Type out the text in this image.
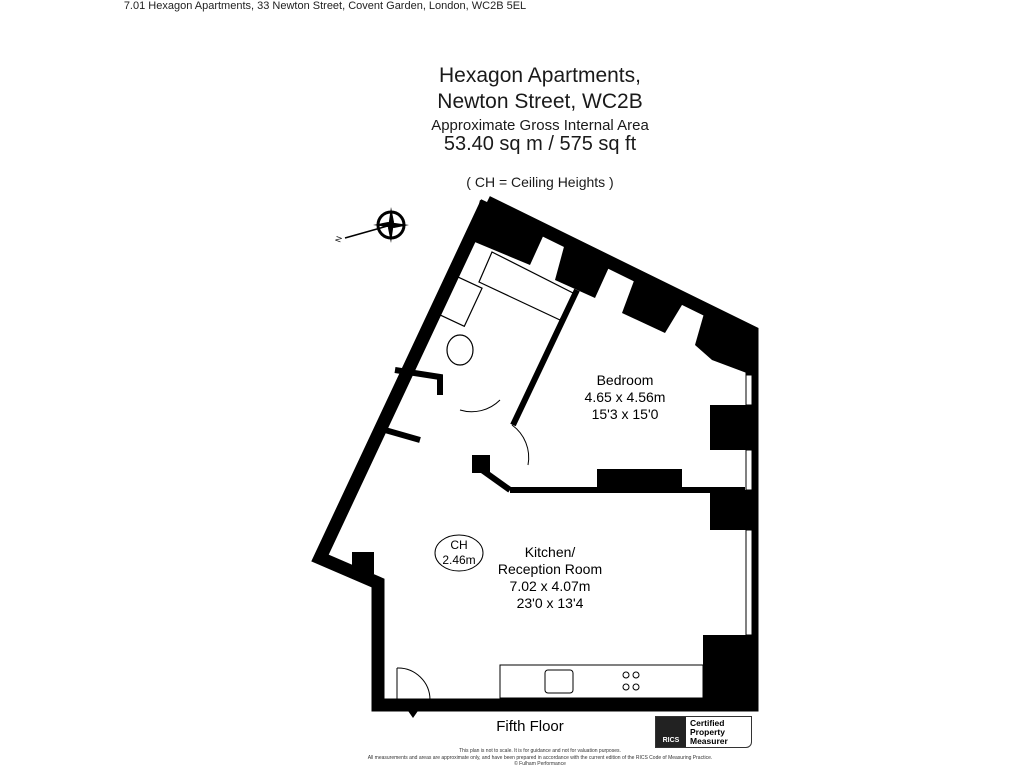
7.01 Hexagon Apartments, 33 Newton Street, Covent Garden, London, WC2B 5EL
Hexagon Apartments,
Newton Street, WC2B
Approximate Gross Internal Area
53.40 sq m / 575 sq ft
( CH = Ceiling Heights )
N
Bedroom
4.65 x 4.56m
15'3 x 15'0
Kitchen/
Reception Room
7.02 x 4.07m
23'0 x 13'4
CH
2.46m
Fifth Floor
RICS
Certified
Property
Measurer
This plan is not to scale. It is for guidance and not for valuation purposes.
All measurements and areas are approximate only, and have been prepared in accordance with the current edition of the RICS Code of Measuring Practice.
© Fulham Performance
